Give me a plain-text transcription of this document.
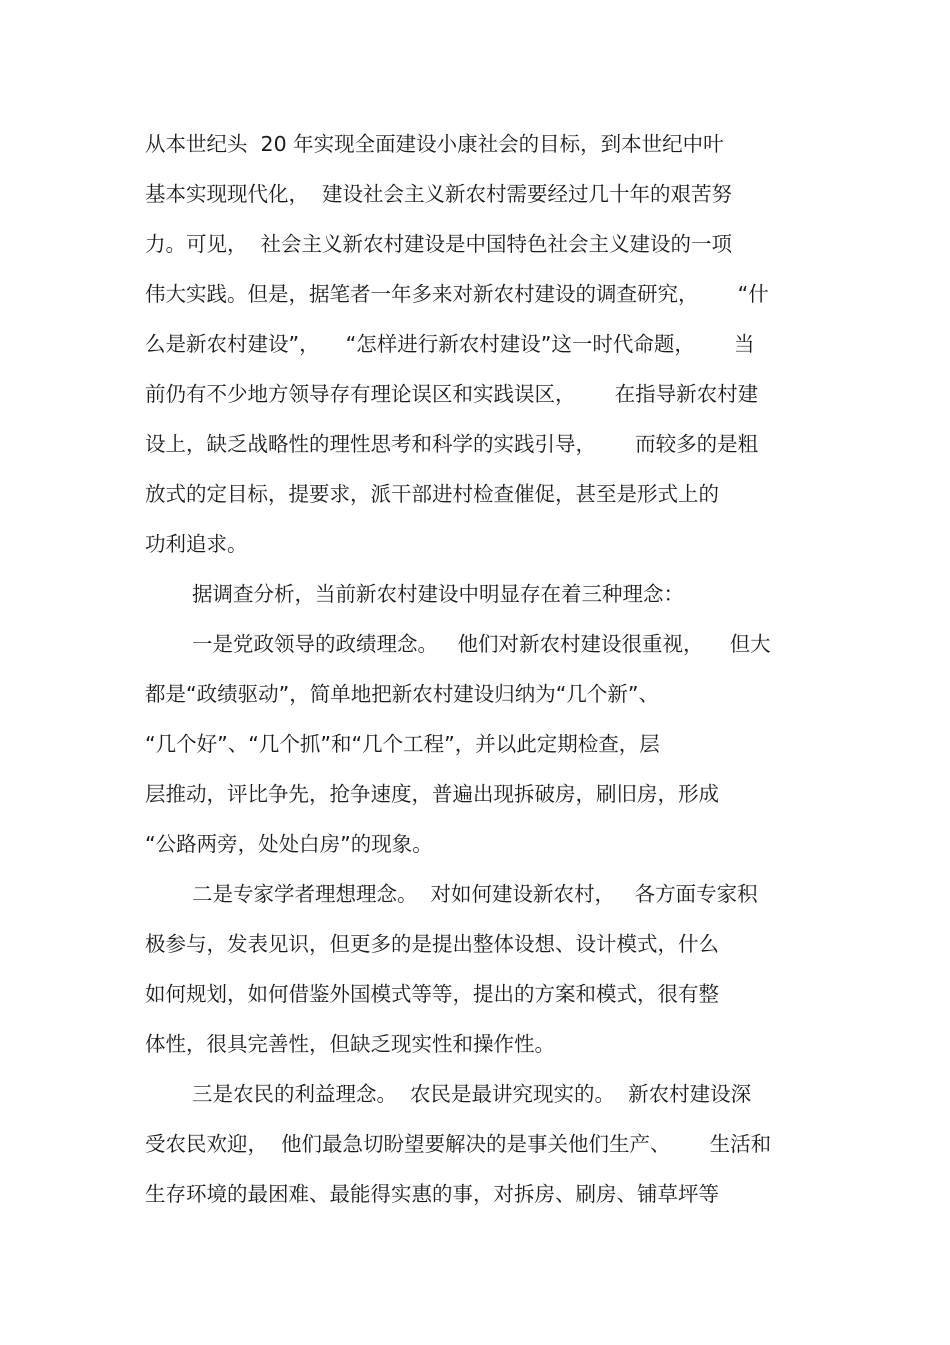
从本世纪头  20 年实现全面建设小康社会的目标，到本世纪中叶
基本实现现代化，  建设社会主义新农村需要经过几十年的艰苦努
力。可见，  社会主义新农村建设是中国特色社会主义建设的一项
伟大实践。但是，据笔者一年多来对新农村建设的调查研究，      “什
么是新农村建设”，    “怎样进行新农村建设”这一时代命题，      当
前仍有不少地方领导存有理论误区和实践误区，      在指导新农村建
设上，缺乏战略性的理性思考和科学的实践引导，      而较多的是粗
放式的定目标，提要求，派干部进村检查催促，甚至是形式上的
功利追求。
据调查分析，当前新农村建设中明显存在着三种理念：
一是党政领导的政绩理念。   他们对新农村建设很重视，    但大
都是“政绩驱动”，简单地把新农村建设归纳为“几个新”、
“几个好”、“几个抓”和“几个工程”，并以此定期检查，层
层推动，评比争先，抢争速度，普遍出现拆破房，刷旧房，形成
“公路两旁，处处白房”的现象。
二是专家学者理想理念。  对如何建设新农村，   各方面专家积
极参与，发表见识，但更多的是提出整体设想、设计模式，什么
如何规划，如何借鉴外国模式等等，提出的方案和模式，很有整
体性，很具完善性，但缺乏现实性和操作性。
三是农民的利益理念。  农民是最讲究现实的。  新农村建设深
受农民欢迎，  他们最急切盼望要解决的是事关他们生产、      生活和
生存环境的最困难、最能得实惠的事，对拆房、刷房、铺草坪等
